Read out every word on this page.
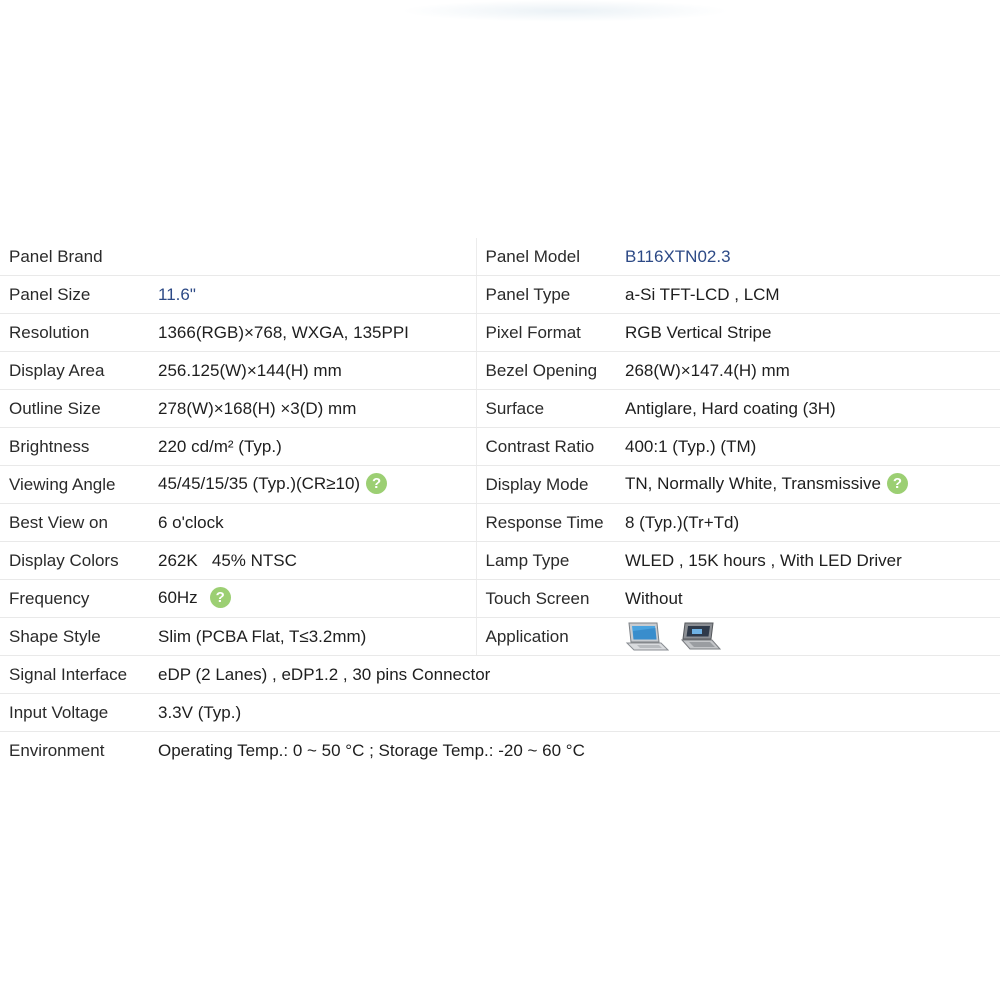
Panel Brand		Panel Model	B116XTN02.3
Panel Size	11.6"	Panel Type	a-Si TFT-LCD , LCM
Resolution	1366(RGB)×768, WXGA, 135PPI	Pixel Format	RGB Vertical Stripe
Display Area	256.125(W)×144(H) mm	Bezel Opening	268(W)×147.4(H) mm
Outline Size	278(W)×168(H) ×3(D) mm	Surface	Antiglare, Hard coating (3H)
Brightness	220 cd/m² (Typ.)	Contrast Ratio	400:1 (Typ.) (TM)
Viewing Angle	45/45/15/35 (Typ.)(CR≥10) ?	Display Mode	TN, Normally White, Transmissive ?
Best View on	6 o'clock	Response Time	8 (Typ.)(Tr+Td)
Display Colors	262K   45% NTSC	Lamp Type	WLED , 15K hours , With LED Driver
Frequency	60Hz ?	Touch Screen	Without
Shape Style	Slim (PCBA Flat, T≤3.2mm)	Application	

Signal Interface	eDP (2 Lanes) , eDP1.2 , 30 pins Connector		
Input Voltage	3.3V (Typ.)		
Environment	Operating Temp.: 0 ~ 50 °C ; Storage Temp.: -20 ~ 60 °C		
